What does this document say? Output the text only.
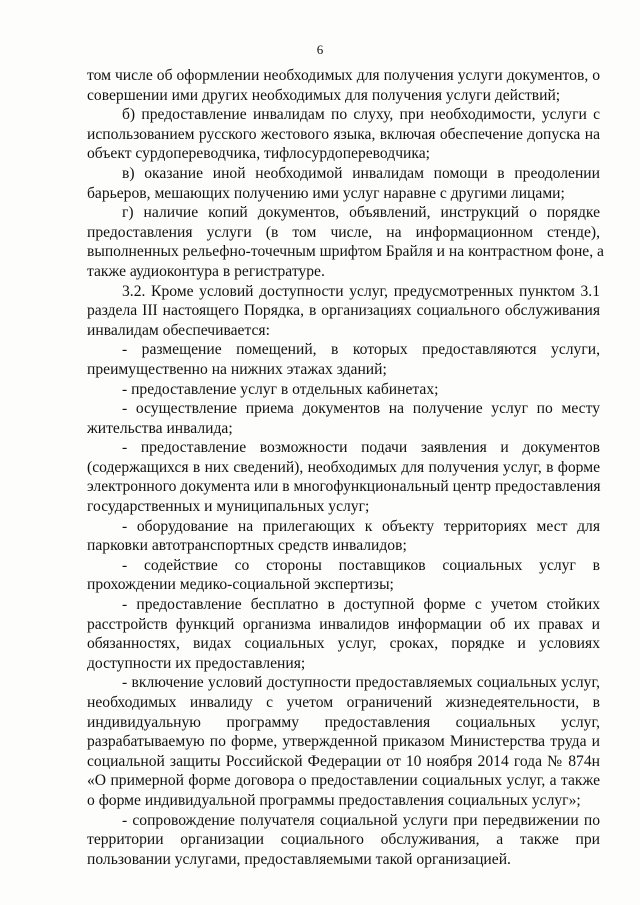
6
том числе об оформлении необходимых для получения услуги документов, о
совершении ими других необходимых для получения услуги действий;
б) предоставление инвалидам по слуху, при необходимости, услуги с
использованием русского жестового языка, включая обеспечение допуска на
объект сурдопереводчика, тифлосурдопереводчика;
в) оказание иной необходимой инвалидам помощи в преодолении
барьеров, мешающих получению ими услуг наравне с другими лицами;
г) наличие копий документов, объявлений, инструкций о порядке
предоставления услуги (в том числе, на информационном стенде),
выполненных рельефно-точечным шрифтом Брайля и на контрастном фоне, а
также аудиоконтура в регистратуре.
3.2. Кроме условий доступности услуг, предусмотренных пунктом 3.1
раздела III настоящего Порядка, в организациях социального обслуживания
инвалидам обеспечивается:
- размещение помещений, в которых предоставляются услуги,
преимущественно на нижних этажах зданий;
- предоставление услуг в отдельных кабинетах;
- осуществление приема документов на получение услуг по месту
жительства инвалида;
- предоставление возможности подачи заявления и документов
(содержащихся в них сведений), необходимых для получения услуг, в форме
электронного документа или в многофункциональный центр предоставления
государственных и муниципальных услуг;
- оборудование на прилегающих к объекту территориях мест для
парковки автотранспортных средств инвалидов;
- содействие со стороны поставщиков социальных услуг в
прохождении медико-социальной экспертизы;
- предоставление бесплатно в доступной форме с учетом стойких
расстройств функций организма инвалидов информации об их правах и
обязанностях, видах социальных услуг, сроках, порядке и условиях
доступности их предоставления;
- включение условий доступности предоставляемых социальных услуг,
необходимых инвалиду с учетом ограничений жизнедеятельности, в
индивидуальную программу предоставления социальных услуг,
разрабатываемую по форме, утвержденной приказом Министерства труда и
социальной защиты Российской Федерации от 10 ноября 2014 года № 874н
«О примерной форме договора о предоставлении социальных услуг, а также
о форме индивидуальной программы предоставления социальных услуг»;
- сопровождение получателя социальной услуги при передвижении по
территории организации социального обслуживания, а также при
пользовании услугами, предоставляемыми такой организацией.
